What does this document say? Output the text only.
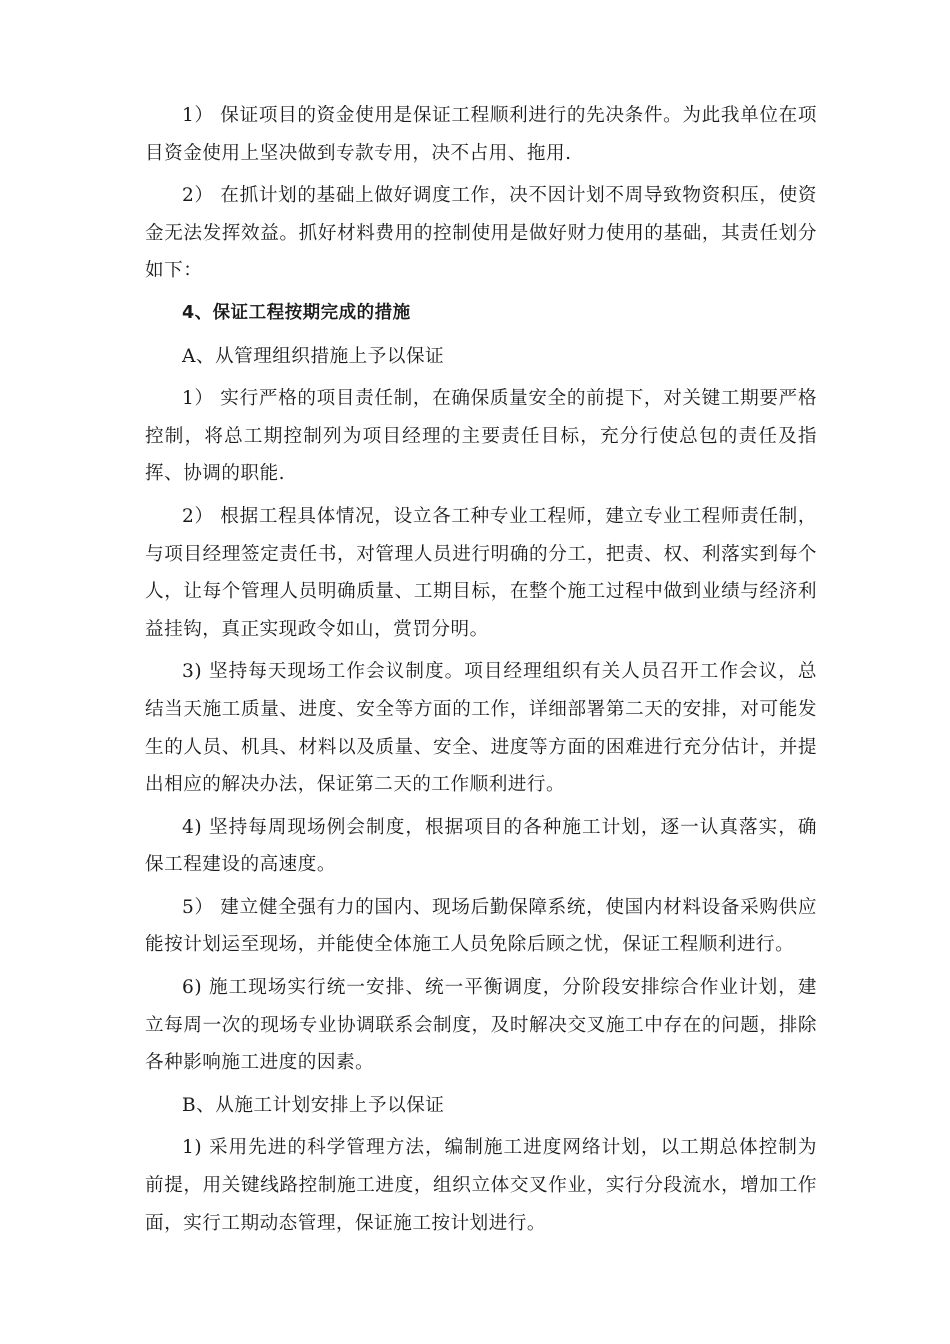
1） 保证项目的资金使用是保证工程顺利进行的先决条件。为此我单位在项目资金使用上坚决做到专款专用，决不占用、拖用.

2） 在抓计划的基础上做好调度工作，决不因计划不周导致物资积压，使资金无法发挥效益。抓好材料费用的控制使用是做好财力使用的基础，其责任划分如下：

4、保证工程按期完成的措施

A、从管理组织措施上予以保证

1） 实行严格的项目责任制，在确保质量安全的前提下，对关键工期要严格控制，将总工期控制列为项目经理的主要责任目标，充分行使总包的责任及指挥、协调的职能.

2） 根据工程具体情况，设立各工种专业工程师，建立专业工程师责任制，与项目经理签定责任书，对管理人员进行明确的分工，把责、权、利落实到每个人，让每个管理人员明确质量、工期目标，在整个施工过程中做到业绩与经济利益挂钩，真正实现政令如山，赏罚分明。

3) 坚持每天现场工作会议制度。项目经理组织有关人员召开工作会议，总结当天施工质量、进度、安全等方面的工作，详细部署第二天的安排，对可能发生的人员、机具、材料以及质量、安全、进度等方面的困难进行充分估计，并提出相应的解决办法，保证第二天的工作顺利进行。

4) 坚持每周现场例会制度，根据项目的各种施工计划，逐一认真落实，确保工程建设的高速度。

5） 建立健全强有力的国内、现场后勤保障系统，使国内材料设备采购供应能按计划运至现场，并能使全体施工人员免除后顾之忧，保证工程顺利进行。

6) 施工现场实行统一安排、统一平衡调度，分阶段安排综合作业计划，建立每周一次的现场专业协调联系会制度，及时解决交叉施工中存在的问题，排除各种影响施工进度的因素。

B、从施工计划安排上予以保证

1) 采用先进的科学管理方法，编制施工进度网络计划，以工期总体控制为前提，用关键线路控制施工进度，组织立体交叉作业，实行分段流水，增加工作面，实行工期动态管理，保证施工按计划进行。
